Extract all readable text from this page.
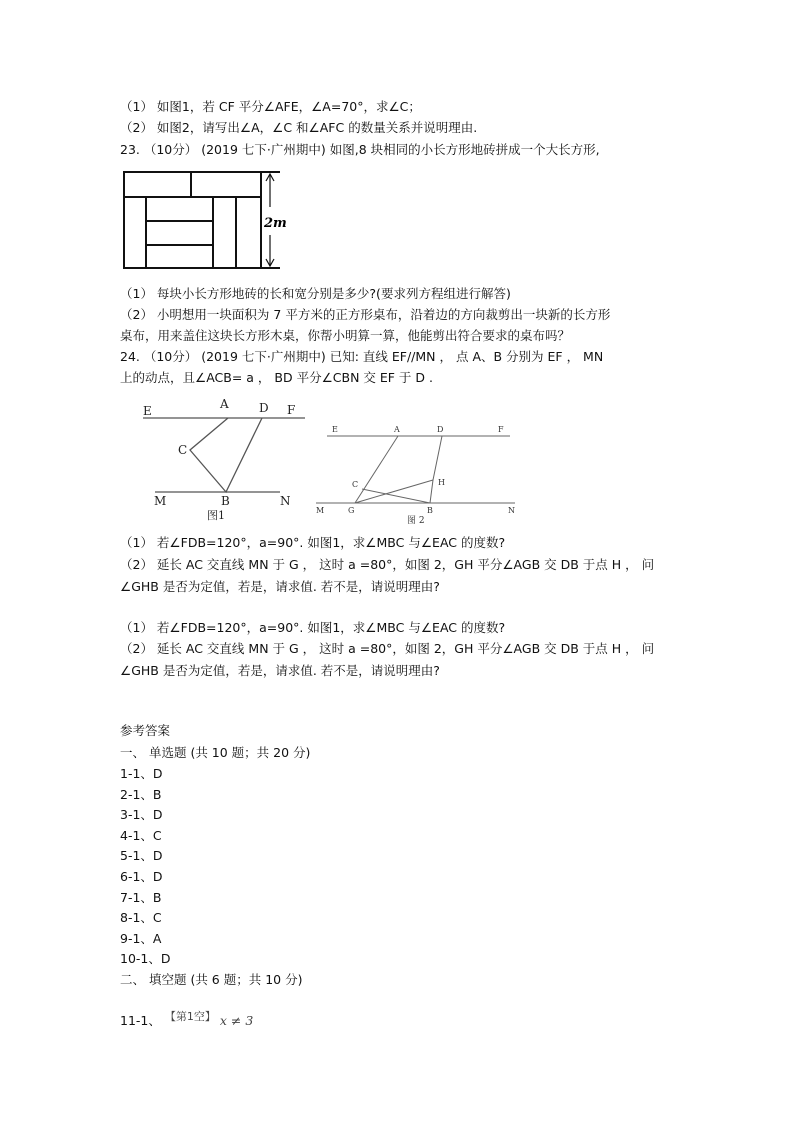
（1） 如图1，若 CF 平分∠AFE，∠A=70°，求∠C；
（2） 如图2，请写出∠A，∠C 和∠AFC 的数量关系并说明理由.
23. （10分） (2019 七下·广州期中) 如图,8 块相同的小长方形地砖拼成一个大长方形,
2m
（1） 每块小长方形地砖的长和宽分别是多少?(要求列方程组进行解答)
（2） 小明想用一块面积为 7 平方米的正方形桌布，沿着边的方向裁剪出一块新的长方形
桌布，用来盖住这块长方形木桌，你帮小明算一算，他能剪出符合要求的桌布吗？
24. （10分） (2019 七下·广州期中) 已知: 直线 EF//MN ， 点 A、B 分别为 EF ， MN
上的动点，且∠ACB= a ， BD 平分∠CBN 交 EF 于 D .
E	A	D F
C
M	B	N
图1
E	A	D	F
C	H
M	G	B	N
图 2
（1） 若∠FDB=120°，a=90°. 如图1，求∠MBC 与∠EAC 的度数?
（2） 延长 AC 交直线 MN 于 G ， 这时 a =80°，如图 2，GH 平分∠AGB 交 DB 于点 H ， 问
∠GHB 是否为定值，若是，请求值. 若不是，请说明理由?
（1） 若∠FDB=120°，a=90°. 如图1，求∠MBC 与∠EAC 的度数?
（2） 延长 AC 交直线 MN 于 G ， 这时 a =80°，如图 2，GH 平分∠AGB 交 DB 于点 H ， 问
∠GHB 是否为定值，若是，请求值. 若不是，请说明理由?
参考答案
一、 单选题 (共 10 题；共 20 分)
1-1、D
2-1、B
3-1、D
4-1、C
5-1、D
6-1、D
7-1、B
8-1、C
9-1、A
10-1、D
二、 填空题 (共 6 题；共 10 分)
11-1、 【第1空】 x ≠ 3
